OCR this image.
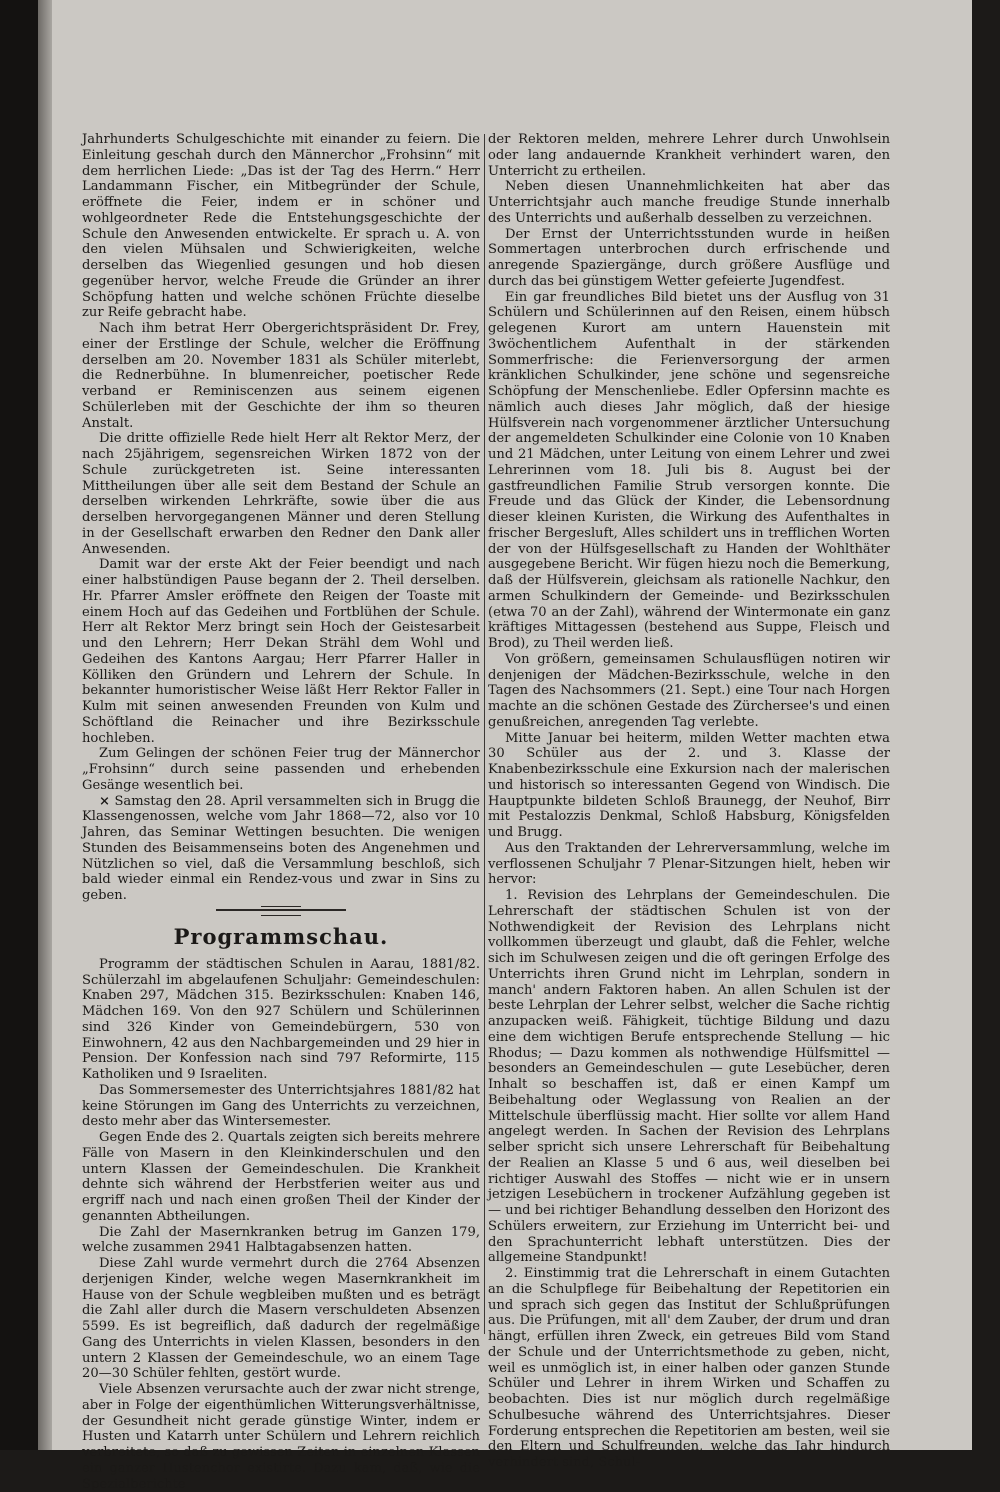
Jahrhunderts Schulgeschichte mit einander zu feiern. Die Einleitung geschah durch den Männerchor „Frohsinn“ mit dem herrlichen Liede: „Das ist der Tag des Herrn.“ Herr Landammann Fischer, ein Mitbegründer der Schule, eröffnete die Feier, indem er in schöner und wohlgeordneter Rede die Entstehungsgeschichte der Schule den Anwesenden entwickelte. Er sprach u. A. von den vielen Mühsalen und Schwierigkeiten, welche derselben das Wiegenlied gesungen und hob diesen gegenüber hervor, welche Freude die Gründer an ihrer Schöpfung hatten und welche schönen Früchte dieselbe zur Reife gebracht habe.

Nach ihm betrat Herr Obergerichtspräsident Dr. Frey, einer der Erstlinge der Schule, welcher die Eröffnung derselben am 20. November 1831 als Schüler miterlebt, die Rednerbühne. In blumenreicher, poetischer Rede verband er Reminiscenzen aus seinem eigenen Schülerleben mit der Geschichte der ihm so theuren Anstalt.

Die dritte offizielle Rede hielt Herr alt Rektor Merz, der nach 25jährigem, segensreichen Wirken 1872 von der Schule zurückgetreten ist. Seine interessanten Mittheilungen über alle seit dem Bestand der Schule an derselben wirkenden Lehrkräfte, sowie über die aus derselben hervorgegangenen Männer und deren Stellung in der Gesellschaft erwarben den Redner den Dank aller Anwesenden.

Damit war der erste Akt der Feier beendigt und nach einer halbstündigen Pause begann der 2. Theil derselben. Hr. Pfarrer Amsler eröffnete den Reigen der Toaste mit einem Hoch auf das Gedeihen und Fortblühen der Schule. Herr alt Rektor Merz bringt sein Hoch der Geistesarbeit und den Lehrern; Herr Dekan Strähl dem Wohl und Gedeihen des Kantons Aargau; Herr Pfarrer Haller in Kölliken den Gründern und Lehrern der Schule. In bekannter humoristischer Weise läßt Herr Rektor Faller in Kulm mit seinen anwesenden Freunden von Kulm und Schöftland die Reinacher und ihre Bezirksschule hochleben.

Zum Gelingen der schönen Feier trug der Männerchor „Frohsinn“ durch seine passenden und erhebenden Gesänge wesentlich bei.

× Samstag den 28. April versammelten sich in Brugg die Klassengenossen, welche vom Jahr 1868—72, also vor 10 Jahren, das Seminar Wettingen besuchten. Die wenigen Stunden des Beisammenseins boten des Angenehmen und Nützlichen so viel, daß die Versammlung beschloß, sich bald wieder einmal ein Rendez-vous und zwar in Sins zu geben.

Programmschau.

Programm der städtischen Schulen in Aarau, 1881/82. Schülerzahl im abgelaufenen Schuljahr: Gemeindeschulen: Knaben 297, Mädchen 315. Bezirksschulen: Knaben 146, Mädchen 169. Von den 927 Schülern und Schülerinnen sind 326 Kinder von Gemeindebürgern, 530 von Einwohnern, 42 aus den Nachbargemeinden und 29 hier in Pension. Der Konfession nach sind 797 Reformirte, 115 Katholiken und 9 Israeliten.

Das Sommersemester des Unterrichtsjahres 1881/82 hat keine Störungen im Gang des Unterrichts zu verzeichnen, desto mehr aber das Wintersemester.

Gegen Ende des 2. Quartals zeigten sich bereits mehrere Fälle von Masern in den Kleinkinderschulen und den untern Klassen der Gemeindeschulen. Die Krankheit dehnte sich während der Herbstferien weiter aus und ergriff nach und nach einen großen Theil der Kinder der genannten Abtheilungen.

Die Zahl der Masernkranken betrug im Ganzen 179, welche zusammen 2941 Halbtagabsenzen hatten.

Diese Zahl wurde vermehrt durch die 2764 Absenzen derjenigen Kinder, welche wegen Masernkrankheit im Hause von der Schule wegbleiben mußten und es beträgt die Zahl aller durch die Masern verschuldeten Absenzen 5599. Es ist begreiflich, daß dadurch der regelmäßige Gang des Unterrichts in vielen Klassen, besonders in den untern 2 Klassen der Gemeindeschule, wo an einem Tage 20—30 Schüler fehlten, gestört wurde.

Viele Absenzen verursachte auch der zwar nicht strenge, aber in Folge der eigenthümlichen Witterungsverhältnisse, der Gesundheit nicht gerade günstige Winter, indem er Husten und Katarrh unter Schülern und Lehrern reichlich verbreitete, so daß zu gewissen Zeiten in einzelnen Klassen ein ganzer Hustenchor existirte. Dazu kam, daß, wie die Spezialberichte

der Rektoren melden, mehrere Lehrer durch Unwohlsein oder lang andauernde Krankheit verhindert waren, den Unterricht zu ertheilen.

Neben diesen Unannehmlichkeiten hat aber das Unterrichtsjahr auch manche freudige Stunde innerhalb des Unterrichts und außerhalb desselben zu verzeichnen.

Der Ernst der Unterrichtsstunden wurde in heißen Sommertagen unterbrochen durch erfrischende und anregende Spaziergänge, durch größere Ausflüge und durch das bei günstigem Wetter gefeierte Jugendfest.

Ein gar freundliches Bild bietet uns der Ausflug von 31 Schülern und Schülerinnen auf den Reisen, einem hübsch gelegenen Kurort am untern Hauenstein mit 3wöchentlichem Aufenthalt in der stärkenden Sommerfrische: die Ferienversorgung der armen kränklichen Schulkinder, jene schöne und segensreiche Schöpfung der Menschenliebe. Edler Opfersinn machte es nämlich auch dieses Jahr möglich, daß der hiesige Hülfsverein nach vorgenommener ärztlicher Untersuchung der angemeldeten Schulkinder eine Colonie von 10 Knaben und 21 Mädchen, unter Leitung von einem Lehrer und zwei Lehrerinnen vom 18. Juli bis 8. August bei der gastfreundlichen Familie Strub versorgen konnte. Die Freude und das Glück der Kinder, die Lebensordnung dieser kleinen Kuristen, die Wirkung des Aufenthaltes in frischer Bergesluft, Alles schildert uns in trefflichen Worten der von der Hülfsgesellschaft zu Handen der Wohlthäter ausgegebene Bericht. Wir fügen hiezu noch die Bemerkung, daß der Hülfsverein, gleichsam als rationelle Nachkur, den armen Schulkindern der Gemeinde- und Bezirksschulen (etwa 70 an der Zahl), während der Wintermonate ein ganz kräftiges Mittagessen (bestehend aus Suppe, Fleisch und Brod), zu Theil werden ließ.

Von größern, gemeinsamen Schulausflügen notiren wir denjenigen der Mädchen-Bezirksschule, welche in den Tagen des Nachsommers (21. Sept.) eine Tour nach Horgen machte an die schönen Gestade des Zürchersee's und einen genußreichen, anregenden Tag verlebte.

Mitte Januar bei heiterm, milden Wetter machten etwa 30 Schüler aus der 2. und 3. Klasse der Knabenbezirksschule eine Exkursion nach der malerischen und historisch so interessanten Gegend von Windisch. Die Hauptpunkte bildeten Schloß Braunegg, der Neuhof, Birr mit Pestalozzis Denkmal, Schloß Habsburg, Königsfelden und Brugg.

Aus den Traktanden der Lehrerversammlung, welche im verflossenen Schuljahr 7 Plenar-Sitzungen hielt, heben wir hervor:

1. Revision des Lehrplans der Gemeindeschulen. Die Lehrerschaft der städtischen Schulen ist von der Nothwendigkeit der Revision des Lehrplans nicht vollkommen überzeugt und glaubt, daß die Fehler, welche sich im Schulwesen zeigen und die oft geringen Erfolge des Unterrichts ihren Grund nicht im Lehrplan, sondern in manch' andern Faktoren haben. An allen Schulen ist der beste Lehrplan der Lehrer selbst, welcher die Sache richtig anzupacken weiß. Fähigkeit, tüchtige Bildung und dazu eine dem wichtigen Berufe entsprechende Stellung — hic Rhodus; — Dazu kommen als nothwendige Hülfsmittel — besonders an Gemeindeschulen — gute Lesebücher, deren Inhalt so beschaffen ist, daß er einen Kampf um Beibehaltung oder Weglassung von Realien an der Mittelschule überflüssig macht. Hier sollte vor allem Hand angelegt werden. In Sachen der Revision des Lehrplans selber spricht sich unsere Lehrerschaft für Beibehaltung der Realien an Klasse 5 und 6 aus, weil dieselben bei richtiger Auswahl des Stoffes — nicht wie er in unsern jetzigen Lesebüchern in trockener Aufzählung gegeben ist — und bei richtiger Behandlung desselben den Horizont des Schülers erweitern, zur Erziehung im Unterricht bei- und den Sprachunterricht lebhaft unterstützen. Dies der allgemeine Standpunkt!

2. Einstimmig trat die Lehrerschaft in einem Gutachten an die Schulpflege für Beibehaltung der Repetitorien ein und sprach sich gegen das Institut der Schlußprüfungen aus. Die Prüfungen, mit all' dem Zauber, der drum und dran hängt, erfüllen ihren Zweck, ein getreues Bild vom Stand der Schule und der Unterrichtsmethode zu geben, nicht, weil es unmöglich ist, in einer halben oder ganzen Stunde Schüler und Lehrer in ihrem Wirken und Schaffen zu beobachten. Dies ist nur möglich durch regelmäßige Schulbesuche während des Unterrichtsjahres. Dieser Forderung entsprechen die Repetitorien am besten, weil sie den Eltern und Schulfreunden, welche das Jahr hindurch verhindert sind, Schul-
